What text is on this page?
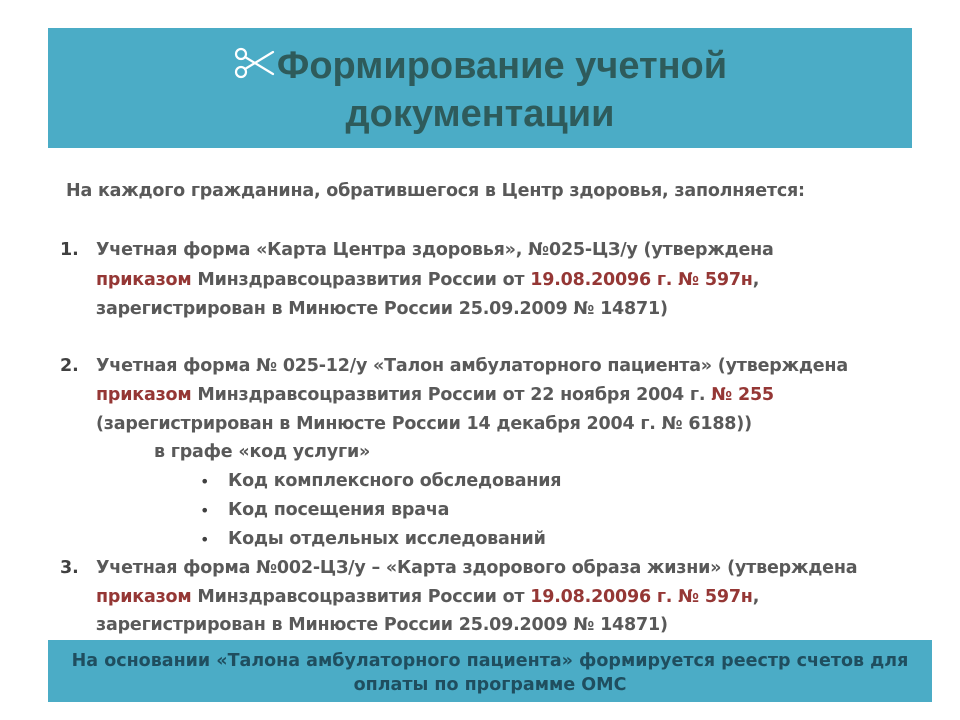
Формирование учетной
документации

На каждого гражданина, обратившегося в Центр здоровья, заполняется:
1. Учетная форма «Карта Центра здоровья», №025-ЦЗ/у (утверждена
приказом Минздравсоцразвития России от 19.08.20096 г. № 597н,
зарегистрирован в Минюсте России 25.09.2009 № 14871)
2. Учетная форма № 025-12/у «Талон амбулаторного пациента» (утверждена
приказом Минздравсоцразвития России от 22 ноября 2004 г. № 255
(зарегистрирован в Минюсте России 14 декабря 2004 г. № 6188))
в графе «код услуги»
• Код комплексного обследования
• Код посещения врача
• Коды отдельных исследований
3. Учетная форма №002-ЦЗ/у – «Карта здорового образа жизни» (утверждена
приказом Минздравсоцразвития России от 19.08.20096 г. № 597н,
зарегистрирован в Минюсте России 25.09.2009 № 14871)

На основании «Талона амбулаторного пациента» формируется реестр счетов для
оплаты по программе ОМС
